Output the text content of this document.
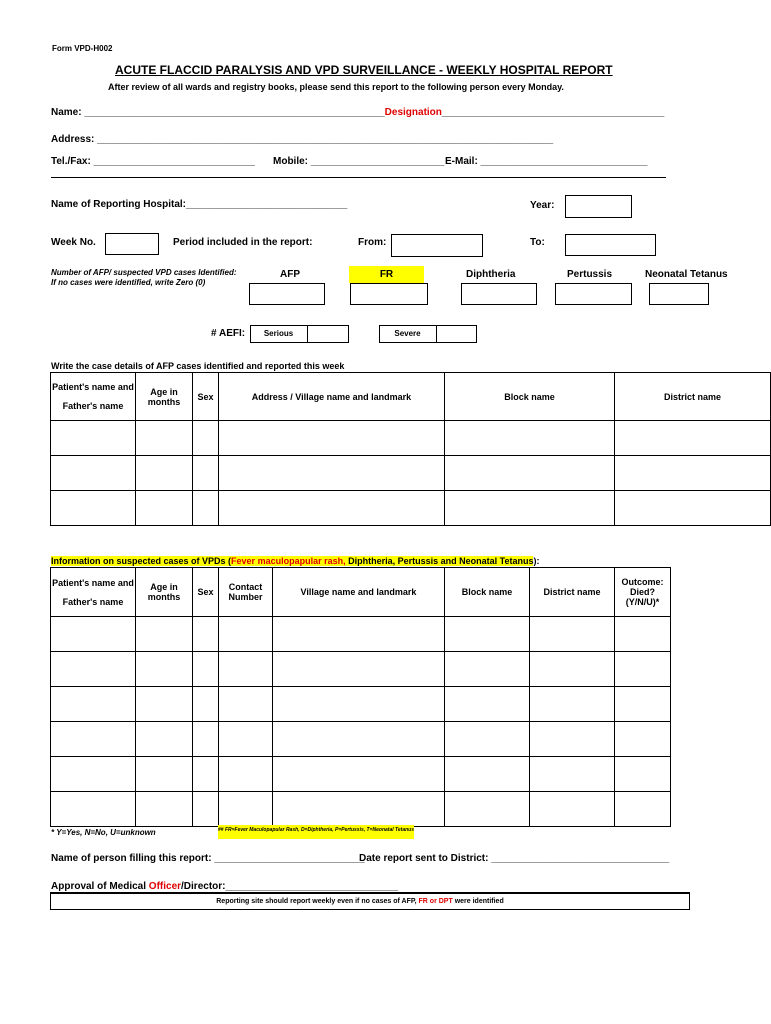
Form VPD-H002
ACUTE FLACCID PARALYSIS AND VPD SURVEILLANCE - WEEKLY HOSPITAL REPORT
After review of all wards and registry books, please send this report to the following person every Monday.
Name: ______________________________________________________Designation________________________________________
Address: __________________________________________________________________________________
Tel./Fax: _____________________________ Mobile: ________________________ E-Mail: ______________________________
Name of Reporting Hospital:_____________________________	Year:
Week No.	Period included in the report:	From:	To:
Number of AFP/ suspected VPD cases Identified:
If no cases were identified, write Zero (0)
AFP	FR	Diphtheria	Pertussis	Neonatal Tetanus
# AEFI:	Serious	Severe
Write the case details of AFP cases identified and reported this week
Patient's name and
Father's name	Age in months	Sex	Address / Village name and landmark	Block name	District name

Information on suspected cases of VPDs (Fever maculopapular rash, Diphtheria, Pertussis and Neonatal Tetanus):
Patient's name and
Father's name	Age in months	Sex	Contact Number	Village name and landmark	Block name	District name	Outcome: Died? (Y/N/U)*

* Y=Yes, N=No, U=unknown	## FR=Fever Maculopapular Rash, D=Diphtheria, P=Pertussis, T=Neonatal Tetanus
Name of person filling this report: ___________________________
Date report sent to District: ________________________________
Approval of Medical Officer/Director:_______________________________
Reporting site should report weekly even if no cases of AFP, FR or DPT were identified
